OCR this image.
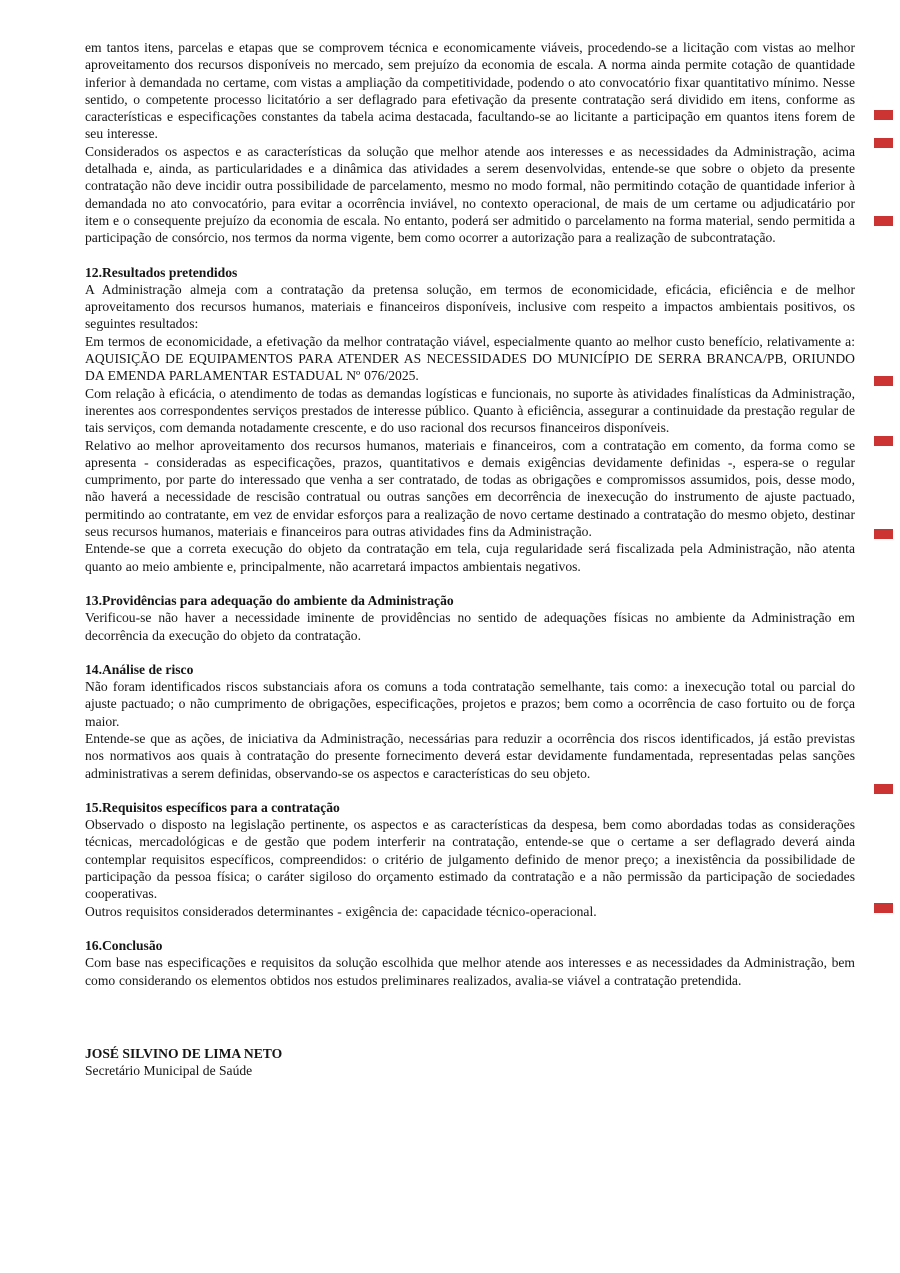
em tantos itens, parcelas e etapas que se comprovem técnica e economicamente viáveis, procedendo-se a licitação com vistas ao melhor aproveitamento dos recursos disponíveis no mercado, sem prejuízo da economia de escala. A norma ainda permite cotação de quantidade inferior à demandada no certame, com vistas a ampliação da competitividade, podendo o ato convocatório fixar quantitativo mínimo. Nesse sentido, o competente processo licitatório a ser deflagrado para efetivação da presente contratação será dividido em itens, conforme as características e especificações constantes da tabela acima destacada, facultando-se ao licitante a participação em quantos itens forem de seu interesse.

Considerados os aspectos e as características da solução que melhor atende aos interesses e as necessidades da Administração, acima detalhada e, ainda, as particularidades e a dinâmica das atividades a serem desenvolvidas, entende-se que sobre o objeto da presente contratação não deve incidir outra possibilidade de parcelamento, mesmo no modo formal, não permitindo cotação de quantidade inferior à demandada no ato convocatório, para evitar a ocorrência inviável, no contexto operacional, de mais de um certame ou adjudicatário por item e o consequente prejuízo da economia de escala. No entanto, poderá ser admitido o parcelamento na forma material, sendo permitida a participação de consórcio, nos termos da norma vigente, bem como ocorrer a autorização para a realização de subcontratação.

12.Resultados pretendidos

A Administração almeja com a contratação da pretensa solução, em termos de economicidade, eficácia, eficiência e de melhor aproveitamento dos recursos humanos, materiais e financeiros disponíveis, inclusive com respeito a impactos ambientais positivos, os seguintes resultados:

Em termos de economicidade, a efetivação da melhor contratação viável, especialmente quanto ao melhor custo benefício, relativamente a: AQUISIÇÃO DE EQUIPAMENTOS PARA ATENDER AS NECESSIDADES DO MUNICÍPIO DE SERRA BRANCA/PB, ORIUNDO DA EMENDA PARLAMENTAR ESTADUAL Nº 076/2025.

Com relação à eficácia, o atendimento de todas as demandas logísticas e funcionais, no suporte às atividades finalísticas da Administração, inerentes aos correspondentes serviços prestados de interesse público. Quanto à eficiência, assegurar a continuidade da prestação regular de tais serviços, com demanda notadamente crescente, e do uso racional dos recursos financeiros disponíveis.

Relativo ao melhor aproveitamento dos recursos humanos, materiais e financeiros, com a contratação em comento, da forma como se apresenta - consideradas as especificações, prazos, quantitativos e demais exigências devidamente definidas -, espera-se o regular cumprimento, por parte do interessado que venha a ser contratado, de todas as obrigações e compromissos assumidos, pois, desse modo, não haverá a necessidade de rescisão contratual ou outras sanções em decorrência de inexecução do instrumento de ajuste pactuado, permitindo ao contratante, em vez de envidar esforços para a realização de novo certame destinado a contratação do mesmo objeto, destinar seus recursos humanos, materiais e financeiros para outras atividades fins da Administração.

Entende-se que a correta execução do objeto da contratação em tela, cuja regularidade será fiscalizada pela Administração, não atenta quanto ao meio ambiente e, principalmente, não acarretará impactos ambientais negativos.

13.Providências para adequação do ambiente da Administração

Verificou-se não haver a necessidade iminente de providências no sentido de adequações físicas no ambiente da Administração em decorrência da execução do objeto da contratação.

14.Análise de risco

Não foram identificados riscos substanciais afora os comuns a toda contratação semelhante, tais como: a inexecução total ou parcial do ajuste pactuado; o não cumprimento de obrigações, especificações, projetos e prazos; bem como a ocorrência de caso fortuito ou de força maior.

Entende-se que as ações, de iniciativa da Administração, necessárias para reduzir a ocorrência dos riscos identificados, já estão previstas nos normativos aos quais à contratação do presente fornecimento deverá estar devidamente fundamentada, representadas pelas sanções administrativas a serem definidas, observando-se os aspectos e características do seu objeto.

15.Requisitos específicos para a contratação

Observado o disposto na legislação pertinente, os aspectos e as características da despesa, bem como abordadas todas as considerações técnicas, mercadológicas e de gestão que podem interferir na contratação, entende-se que o certame a ser deflagrado deverá ainda contemplar requisitos específicos, compreendidos: o critério de julgamento definido de menor preço; a inexistência da possibilidade de participação da pessoa física; o caráter sigiloso do orçamento estimado da contratação e a não permissão da participação de sociedades cooperativas.

Outros requisitos considerados determinantes - exigência de: capacidade técnico-operacional.

16.Conclusão

Com base nas especificações e requisitos da solução escolhida que melhor atende aos interesses e as necessidades da Administração, bem como considerando os elementos obtidos nos estudos preliminares realizados, avalia-se viável a contratação pretendida.

JOSÉ SILVINO DE LIMA NETO
Secretário Municipal de Saúde
